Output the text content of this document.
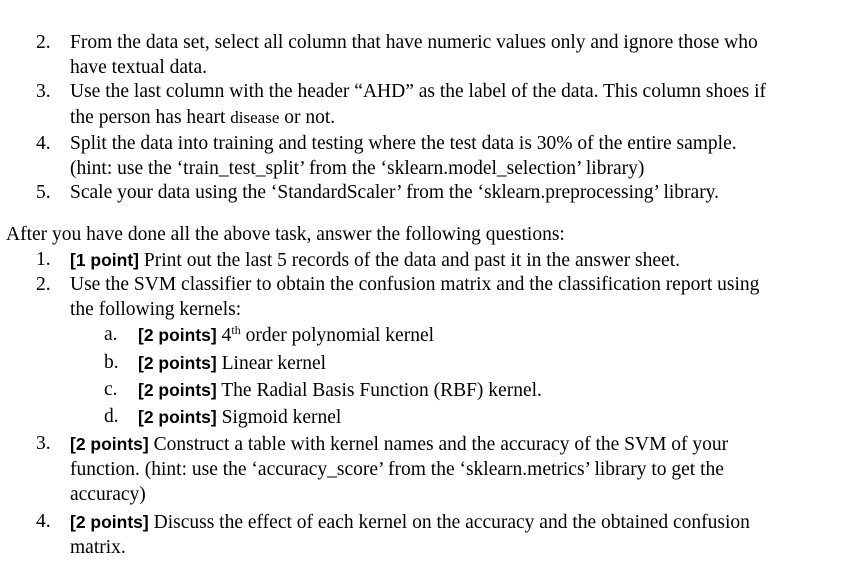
2. From the data set, select all column that have numeric values only and ignore those who
have textual data.
3. Use the last column with the header “AHD” as the label of the data. This column shoes if
the person has heart disease or not.
4. Split the data into training and testing where the test data is 30% of the entire sample.
(hint: use the ‘train_test_split’ from the ‘sklearn.model_selection’ library)
5. Scale your data using the ‘StandardScaler’ from the ‘sklearn.preprocessing’ library.
After you have done all the above task, answer the following questions:
1. [1 point] Print out the last 5 records of the data and past it in the answer sheet.
2. Use the SVM classifier to obtain the confusion matrix and the classification report using
the following kernels:
a. [2 points] 4th order polynomial kernel
b. [2 points] Linear kernel
c. [2 points] The Radial Basis Function (RBF) kernel.
d. [2 points] Sigmoid kernel
3. [2 points] Construct a table with kernel names and the accuracy of the SVM of your
function. (hint: use the ‘accuracy_score’ from the ‘sklearn.metrics’ library to get the
accuracy)
4. [2 points] Discuss the effect of each kernel on the accuracy and the obtained confusion
matrix.
